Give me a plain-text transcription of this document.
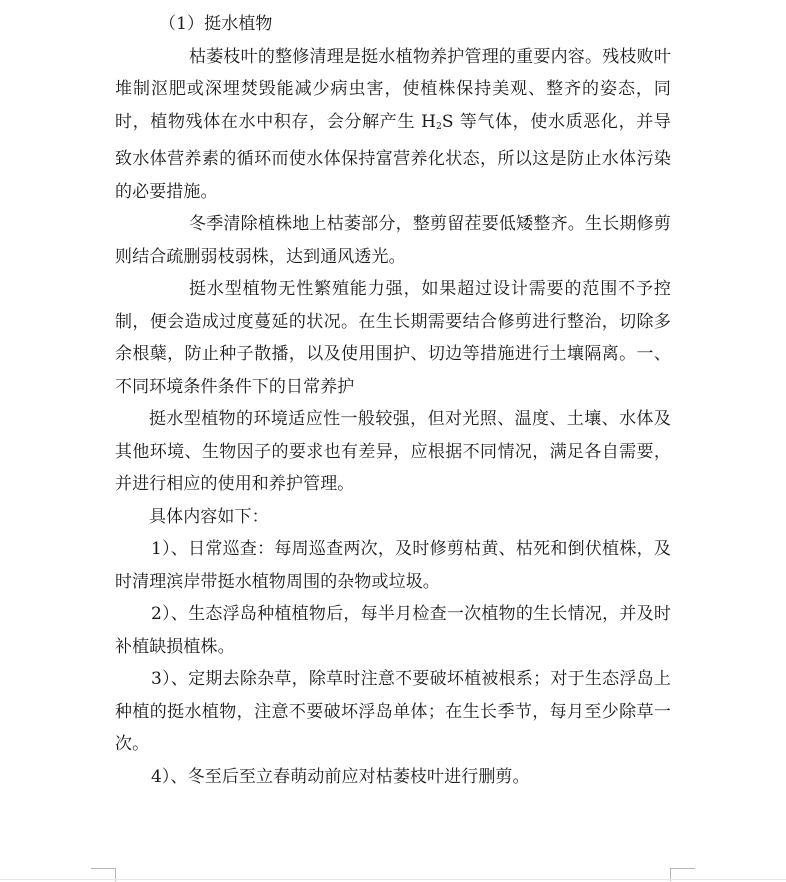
（1）挺水植物

枯萎枝叶的整修清理是挺水植物养护管理的重要内容。残枝败叶堆制沤肥或深埋焚毁能减少病虫害，使植株保持美观、整齐的姿态，同时，植物残体在水中积存，会分解产生 $H_2S$ 等气体，使水质恶化，并导致水体营养素的循环而使水体保持富营养化状态，所以这是防止水体污染的必要措施。

冬季清除植株地上枯萎部分，整剪留茬要低矮整齐。生长期修剪则结合疏删弱枝弱株，达到通风透光。

挺水型植物无性繁殖能力强，如果超过设计需要的范围不予控制，便会造成过度蔓延的状况。在生长期需要结合修剪进行整治，切除多余根蘖，防止种子散播，以及使用围护、切边等措施进行土壤隔离。一、不同环境条件条件下的日常养护

挺水型植物的环境适应性一般较强，但对光照、温度、土壤、水体及其他环境、生物因子的要求也有差异，应根据不同情况，满足各自需要，并进行相应的使用和养护管理。

具体内容如下：

1）、日常巡查：每周巡查两次，及时修剪枯黄、枯死和倒伏植株，及时清理滨岸带挺水植物周围的杂物或垃圾。

2）、生态浮岛种植植物后，每半月检查一次植物的生长情况，并及时补植缺损植株。

3）、定期去除杂草，除草时注意不要破坏植被根系；对于生态浮岛上种植的挺水植物，注意不要破坏浮岛单体；在生长季节，每月至少除草一次。

4）、冬至后至立春萌动前应对枯萎枝叶进行删剪。
